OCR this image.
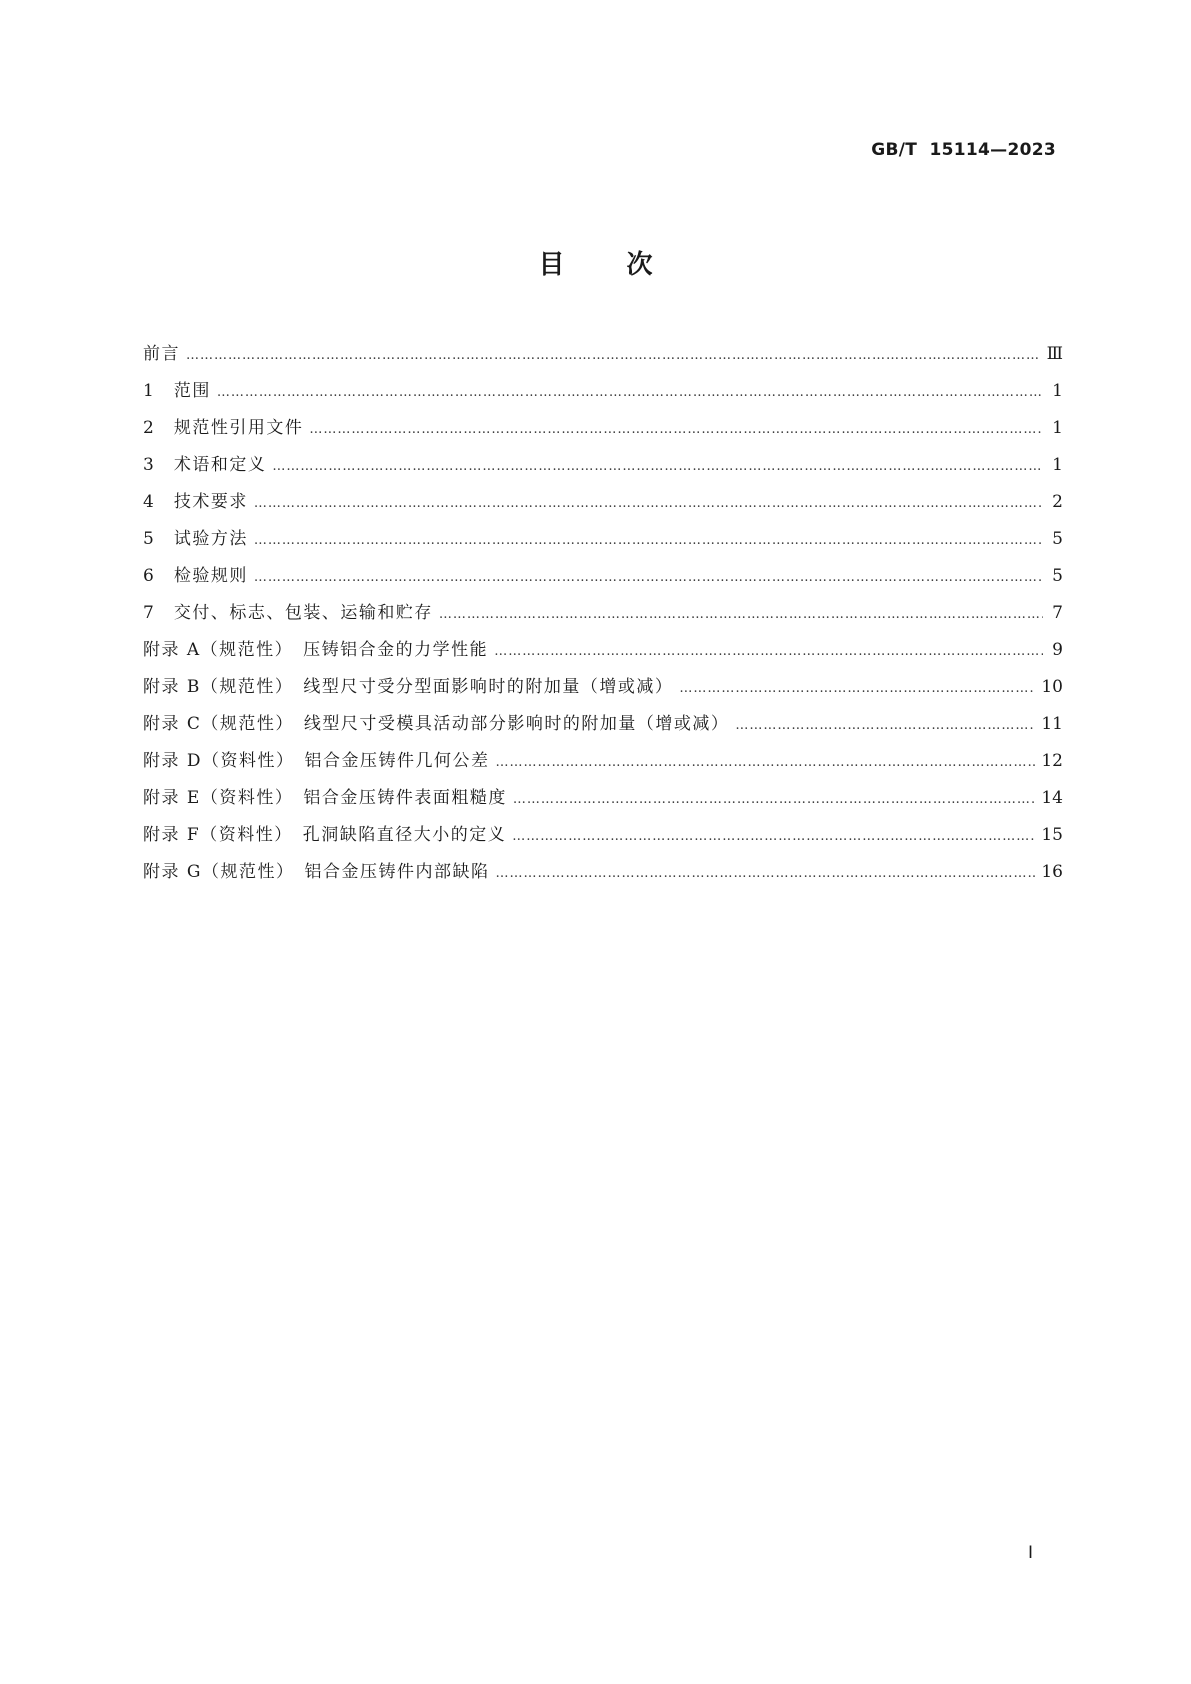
GB/T  15114—2023
目次
前言 …………………………………………………………………………………………………………………………………………………………………………………………………………………………………………	Ⅲ
1　范围 …………………………………………………………………………………………………………………………………………………………………………………………………………………………………………	1
2　规范性引用文件 …………………………………………………………………………………………………………………………………………………………………………………………………………………………………………	1
3　术语和定义 …………………………………………………………………………………………………………………………………………………………………………………………………………………………………………	1
4　技术要求 …………………………………………………………………………………………………………………………………………………………………………………………………………………………………………	2
5　试验方法 …………………………………………………………………………………………………………………………………………………………………………………………………………………………………………	5
6　检验规则 …………………………………………………………………………………………………………………………………………………………………………………………………………………………………………	5
7　交付、标志、包装、运输和贮存 …………………………………………………………………………………………………………………………………………………………………………………………………………………………………………	7
附录 A（规范性）　压铸铝合金的力学性能 …………………………………………………………………………………………………………………………………………………………………………………………………………………………………………	9
附录 B（规范性）　线型尺寸受分型面影响时的附加量（增或减） …………………………………………………………………………………………………………………………………………………………………………………………………………………………………………	10
附录 C（规范性）　线型尺寸受模具活动部分影响时的附加量（增或减） …………………………………………………………………………………………………………………………………………………………………………………………………………………………………………	11
附录 D（资料性）　铝合金压铸件几何公差 …………………………………………………………………………………………………………………………………………………………………………………………………………………………………………	12
附录 E（资料性）　铝合金压铸件表面粗糙度 …………………………………………………………………………………………………………………………………………………………………………………………………………………………………………	14
附录 F（资料性）　孔洞缺陷直径大小的定义 …………………………………………………………………………………………………………………………………………………………………………………………………………………………………………	15
附录 G（规范性）　铝合金压铸件内部缺陷 …………………………………………………………………………………………………………………………………………………………………………………………………………………………………………	16
Ⅰ
